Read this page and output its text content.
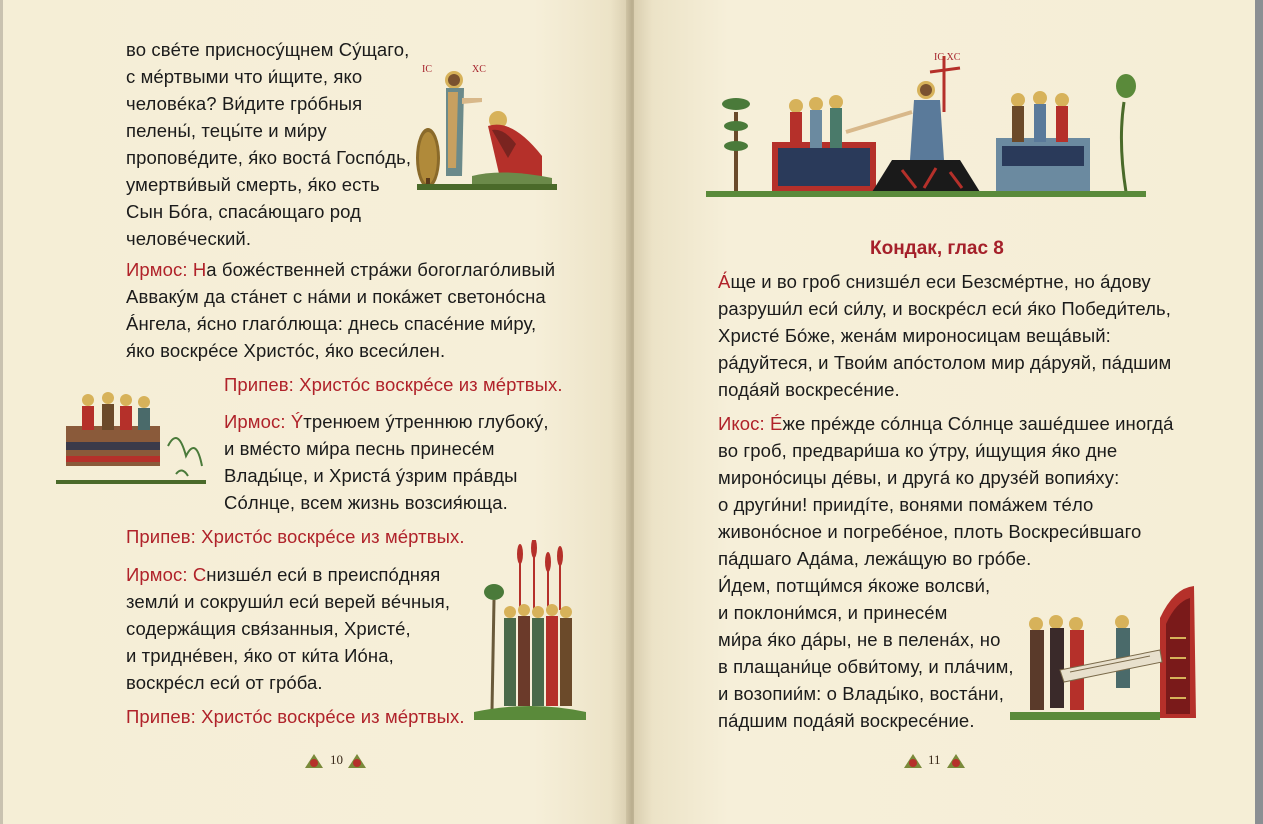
во свéте присносýщнем Сýщаго,
с мéртвыми что и́щите, яко
человéка? Ви́дите грóбныя
пелены́, тецы́те и ми́ру
проповéдите, я́ко востá Госпóдь,
умертви́вый смерть, я́ко есть
Сын Бóга, спасáющаго род
человéческий.
IC	XC
Ирмос: На божéственней стрáжи богоглагóливый
Аввакýм да стáнет с нáми и покáжет светонóсна
Áнгела, я́сно глагóлюща: днесь спасéние ми́ру,
я́ко воскрéсе Христóс, я́ко всеси́лен.
Припев: Христóс воскрéсе из мéртвых.
Ирмос: Ýтренюем ýтреннюю глубокý,
и вмéсто ми́ра песнь принесéм
Влады́це, и Христá ýзрим прáвды
Сóлнце, всем жизнь возсия́юща.
Припев: Христóс воскрéсе из мéртвых.
Ирмос: Снизшéл еси́ в преиспóдняя
земли́ и сокруши́л еси́ верей вéчныя,
содержáщия свя́занныя, Христé,
и триднéвен, я́ко от ки́та Иóна,
воскрéсл еси́ от грóба.
Припев: Христóс воскрéсе из мéртвых.
10
IC XC
Кондак, глас 8
А́ще и во гроб снизшéл еси Безсмéртне, но áдову
разруши́л еси́ си́лу, и воскрéсл еси́ я́ко Победи́тель,
Христé Бóже, женáм мироносицам вещáвый:
рáдуйтеся, и Твои́м апóстолом мир дáруяй, пáдшим
подáяй воскресéние.
Икос: Éже прéжде сóлнца Сóлнце зашéдшее иногдá
во гроб, предвари́ша ко ýтру, и́щущия я́ко дне
мироно́сицы дéвы, и другá ко друзéй вопия́ху:
о други́ни! приидíте, вонями помáжем тéло
живонóсное и погребéное, плоть Воскреси́вшаго
пáдшаго Адáма, лежáщую во грóбе.
И́дем, потщи́мся я́коже волсви́,
и поклони́мся, и принесéм
ми́ра я́ко дáры, не в пеленáх, но
в плащани́це обви́тому, и плáчим,
и возопии́м: о Влады́ко, востáни,
пáдшим подáяй воскресéние.
11
